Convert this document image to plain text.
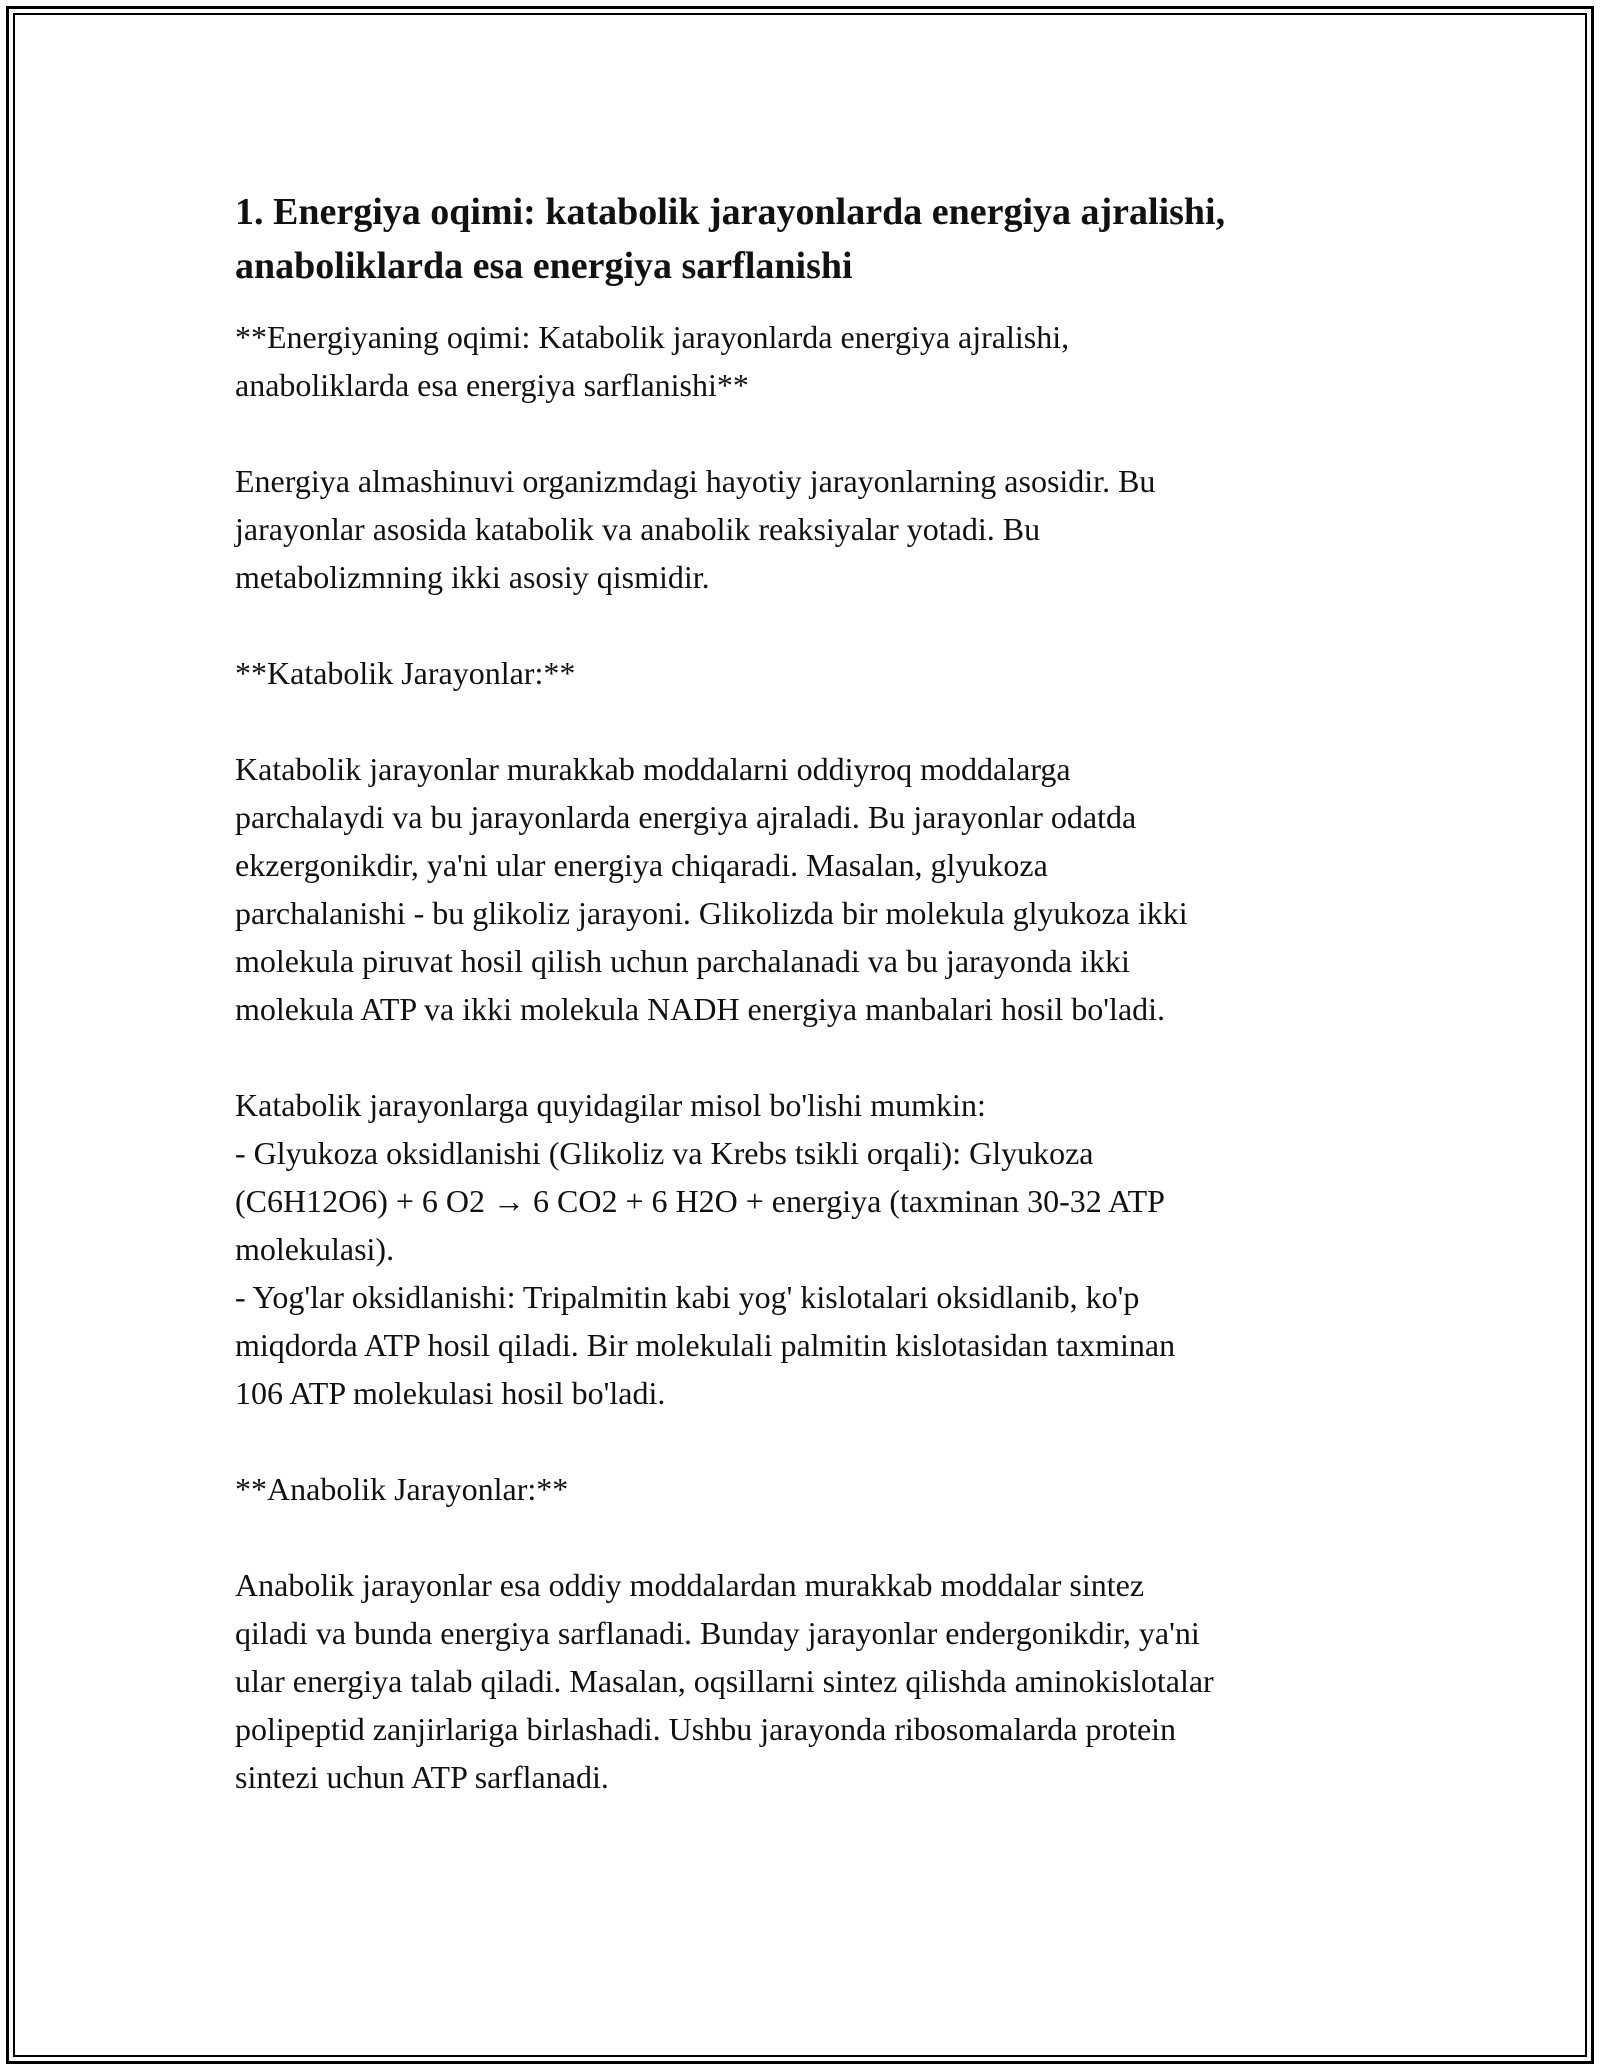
1. Energiya oqimi: katabolik jarayonlarda energiya ajralishi,
anaboliklarda esa energiya sarflanishi

**Energiyaning oqimi: Katabolik jarayonlarda energiya ajralishi,
anaboliklarda esa energiya sarflanishi**

Energiya almashinuvi organizmdagi hayotiy jarayonlarning asosidir. Bu
jarayonlar asosida katabolik va anabolik reaksiyalar yotadi. Bu
metabolizmning ikki asosiy qismidir.

**Katabolik Jarayonlar:**

Katabolik jarayonlar murakkab moddalarni oddiyroq moddalarga
parchalaydi va bu jarayonlarda energiya ajraladi. Bu jarayonlar odatda
ekzergonikdir, ya'ni ular energiya chiqaradi. Masalan, glyukoza
parchalanishi - bu glikoliz jarayoni. Glikolizda bir molekula glyukoza ikki
molekula piruvat hosil qilish uchun parchalanadi va bu jarayonda ikki
molekula ATP va ikki molekula NADH energiya manbalari hosil bo'ladi.

Katabolik jarayonlarga quyidagilar misol bo'lishi mumkin:
- Glyukoza oksidlanishi (Glikoliz va Krebs tsikli orqali): Glyukoza
(C6H12O6) + 6 O2 → 6 CO2 + 6 H2O + energiya (taxminan 30-32 ATP
molekulasi).
- Yog'lar oksidlanishi: Tripalmitin kabi yog' kislotalari oksidlanib, ko'p
miqdorda ATP hosil qiladi. Bir molekulali palmitin kislotasidan taxminan
106 ATP molekulasi hosil bo'ladi.

**Anabolik Jarayonlar:**

Anabolik jarayonlar esa oddiy moddalardan murakkab moddalar sintez
qiladi va bunda energiya sarflanadi. Bunday jarayonlar endergonikdir, ya'ni
ular energiya talab qiladi. Masalan, oqsillarni sintez qilishda aminokislotalar
polipeptid zanjirlariga birlashadi. Ushbu jarayonda ribosomalarda protein
sintezi uchun ATP sarflanadi.
